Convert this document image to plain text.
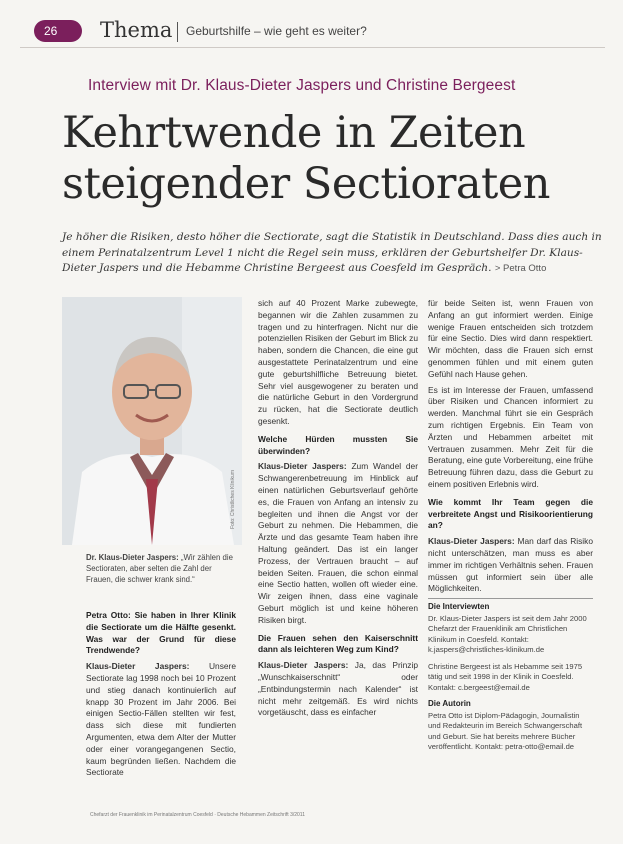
26	Thema Geburtshilfe – wie geht es weiter?
Interview mit Dr. Klaus-Dieter Jaspers und Christine Bergeest
Kehrtwende in Zeiten
steigender Sectioraten
Je höher die Risiken, desto höher die Sectiorate, sagt die Statistik in Deutschland. Dass dies auch in einem Perinatalzentrum Level 1 nicht die Regel sein muss, erklären der Geburtshelfer Dr. Klaus-Dieter Jaspers und die Hebamme Christine Bergeest aus Coesfeld im Gespräch. > Petra Otto
Foto: Christliches Klinikum
Dr. Klaus-Dieter Jaspers: „Wir zählen die Sectioraten, aber selten die Zahl der Frauen, die schwer krank sind.“

Petra Otto: Sie haben in Ihrer Klinik die Sectiorate um die Hälfte gesenkt. Was war der Grund für diese Trendwende?

Klaus-Dieter Jaspers: Unsere Sectiorate lag 1998 noch bei 10 Prozent und stieg danach kontinuierlich auf knapp 30 Prozent im Jahr 2006. Bei einigen Sectio-Fällen stellten wir fest, dass sich diese mit fundierten Argumenten, etwa dem Alter der Mutter oder einer vorangegangenen Sectio, kaum begründen ließen. Nachdem die Sectiorate

sich auf 40 Prozent Marke zubewegte, begannen wir die Zahlen zusammen zu tragen und zu hinterfragen. Nicht nur die potenziellen Risiken der Geburt im Blick zu haben, sondern die Chancen, die eine gut ausgestattete Perinatalzentrum und eine gute geburtshilfliche Betreuung bietet. Sehr viel ausgewogener zu beraten und die natürliche Geburt in den Vordergrund zu rücken, hat die Sectiorate deutlich gesenkt.

Welche Hürden mussten Sie überwinden?

Klaus-Dieter Jaspers: Zum Wandel der Schwangerenbetreuung im Hinblick auf einen natürlichen Geburtsverlauf gehörte es, die Frauen von Anfang an intensiv zu begleiten und ihnen die Angst vor der Geburt zu nehmen. Die Hebammen, die Ärzte und das gesamte Team haben ihre Haltung geändert. Das ist ein langer Prozess, der Vertrauen braucht – auf beiden Seiten. Frauen, die schon einmal eine Sectio hatten, wollen oft wieder eine. Wir zeigen ihnen, dass eine vaginale Geburt möglich ist und keine höheren Risiken birgt.

Die Frauen sehen den Kaiserschnitt dann als leichteren Weg zum Kind?

Klaus-Dieter Jaspers: Ja, das Prinzip „Wunschkaiserschnitt“ oder „Entbindungstermin nach Kalender“ ist nicht mehr zeitgemäß. Es wird nichts vorgetäuscht, dass es einfacher

für beide Seiten ist, wenn Frauen von Anfang an gut informiert werden. Einige wenige Frauen entscheiden sich trotzdem für eine Sectio. Dies wird dann respektiert. Wir möchten, dass die Frauen sich ernst genommen fühlen und mit einem guten Gefühl nach Hause gehen.

Es ist im Interesse der Frauen, umfassend über Risiken und Chancen informiert zu werden. Manchmal führt sie ein Gespräch zum richtigen Ergebnis. Ein Team von Ärzten und Hebammen arbeitet mit Vertrauen zusammen. Mehr Zeit für die Beratung, eine gute Vorbereitung, eine frühe Betreuung führen dazu, dass die Geburt zu einem positiven Erlebnis wird.

Wie kommt Ihr Team gegen die verbreitete Angst und Risikoorientierung an?

Klaus-Dieter Jaspers: Man darf das Risiko nicht unterschätzen, man muss es aber immer im richtigen Verhältnis sehen. Frauen müssen gut informiert sein über alle Möglichkeiten.

Die Interviewten

Dr. Klaus-Dieter Jaspers ist seit dem Jahr 2000 Chefarzt der Frauenklinik am Christlichen Klinikum in Coesfeld. Kontakt: k.jaspers@christliches-klinikum.de

Christine Bergeest ist als Hebamme seit 1975 tätig und seit 1998 in der Klinik in Coesfeld. Kontakt: c.bergeest@email.de

Die Autorin

Petra Otto ist Diplom-Pädagogin, Journalistin und Redakteurin im Bereich Schwangerschaft und Geburt. Sie hat bereits mehrere Bücher veröffentlicht. Kontakt: petra-otto@email.de

Chefarzt der Frauenklinik im Perinatalzentrum Coesfeld · Deutsche Hebammen Zeitschrift 3/2011
